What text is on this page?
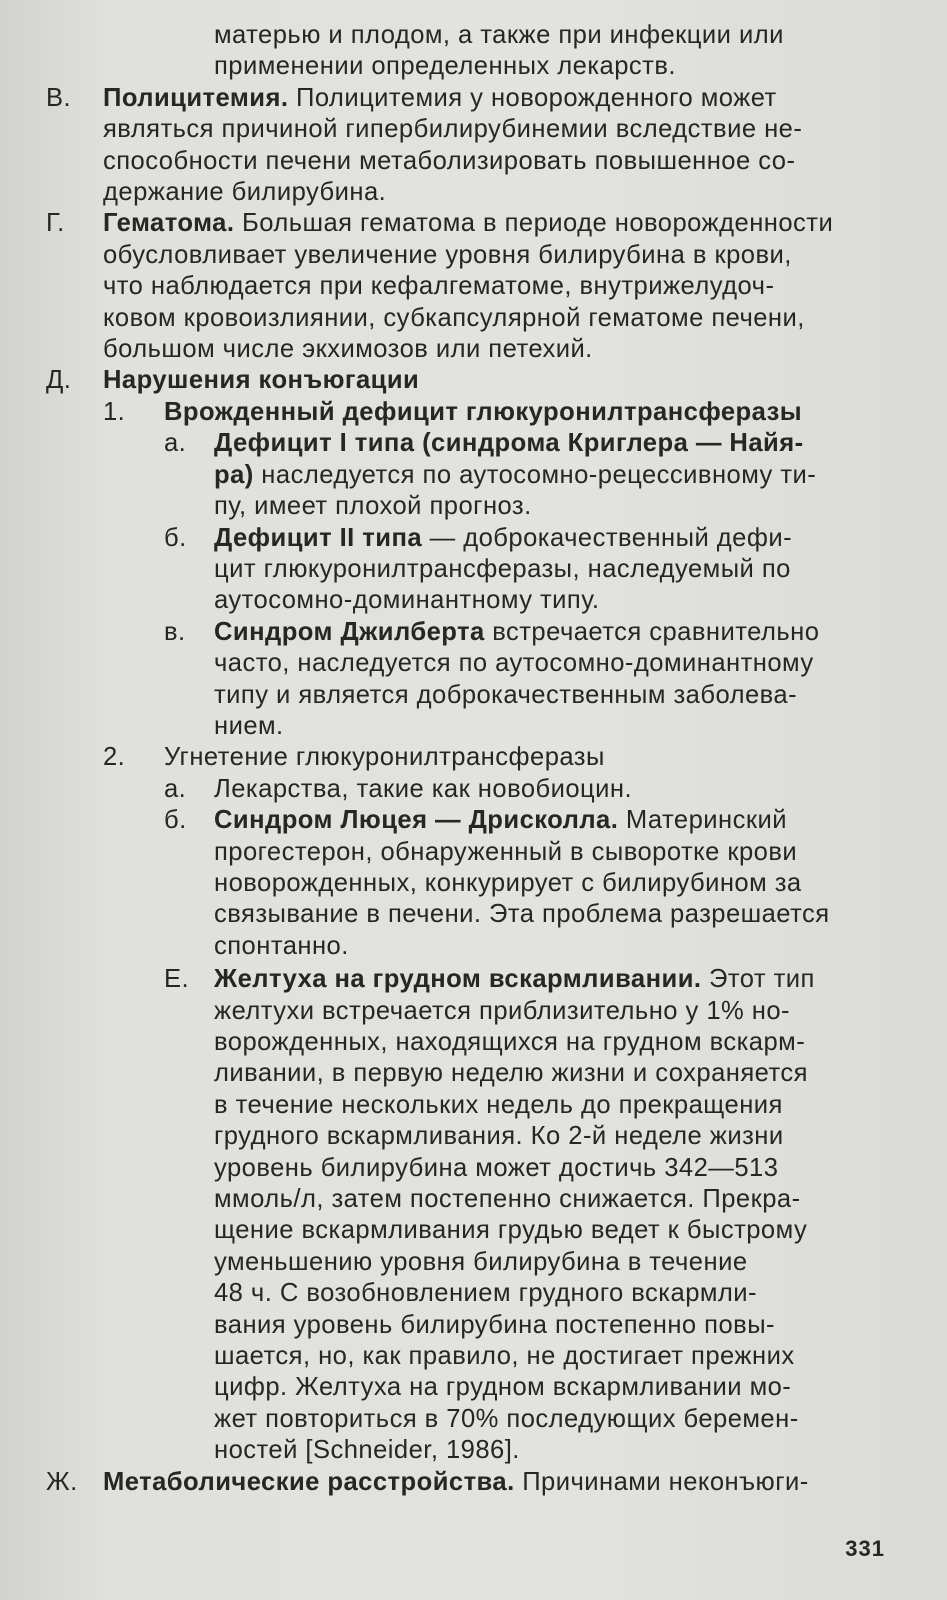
матерью и плодом, а также при инфекции или
применении определенных лекарств.
В.	Полицитемия. Полицитемия у новорожденного может
являться причиной гипербилирубинемии вследствие не-
способности печени метаболизировать повышенное со-
держание билирубина.
Г.	Гематома. Большая гематома в периоде новорожденности
обусловливает увеличение уровня билирубина в крови,
что наблюдается при кефалгематоме, внутрижелудоч-
ковом кровоизлиянии, субкапсулярной гематоме печени,
большом числе экхимозов или петехий.
Д.	Нарушения конъюгации
1.	Врожденный дефицит глюкуронилтрансферазы
а.	Дефицит I типа (синдрома Криглера — Найя-
ра) наследуется по аутосомно-рецессивному ти-
пу, имеет плохой прогноз.
б.	Дефицит II типа — доброкачественный дефи-
цит глюкуронилтрансферазы, наследуемый по
аутосомно-доминантному типу.
в.	Синдром Джилберта встречается сравнительно
часто, наследуется по аутосомно-доминантному
типу и является доброкачественным заболева-
нием.
2.	Угнетение глюкуронилтрансферазы
а.	Лекарства, такие как новобиоцин.
б.	Синдром Люцея — Дрисколла. Материнский
прогестерон, обнаруженный в сыворотке крови
новорожденных, конкурирует с билирубином за
связывание в печени. Эта проблема разрешается
спонтанно.
Е. Желтуха на грудном вскармливании. Этот тип
желтухи встречается приблизительно у 1% но-
ворожденных, находящихся на грудном вскарм-
ливании, в первую неделю жизни и сохраняется
в течение нескольких недель до прекращения
грудного вскармливания. Ко 2-й неделе жизни
уровень билирубина может достичь 342—513
ммоль/л, затем постепенно снижается. Прекра-
щение вскармливания грудью ведет к быстрому
уменьшению уровня билирубина в течение
48 ч. С возобновлением грудного вскармли-
вания уровень билирубина постепенно повы-
шается, но, как правило, не достигает прежних
цифр. Желтуха на грудном вскармливании мо-
жет повториться в 70% последующих беремен-
ностей [Schneider, 1986].
Ж. Метаболические расстройства. Причинами неконъюги-
331
